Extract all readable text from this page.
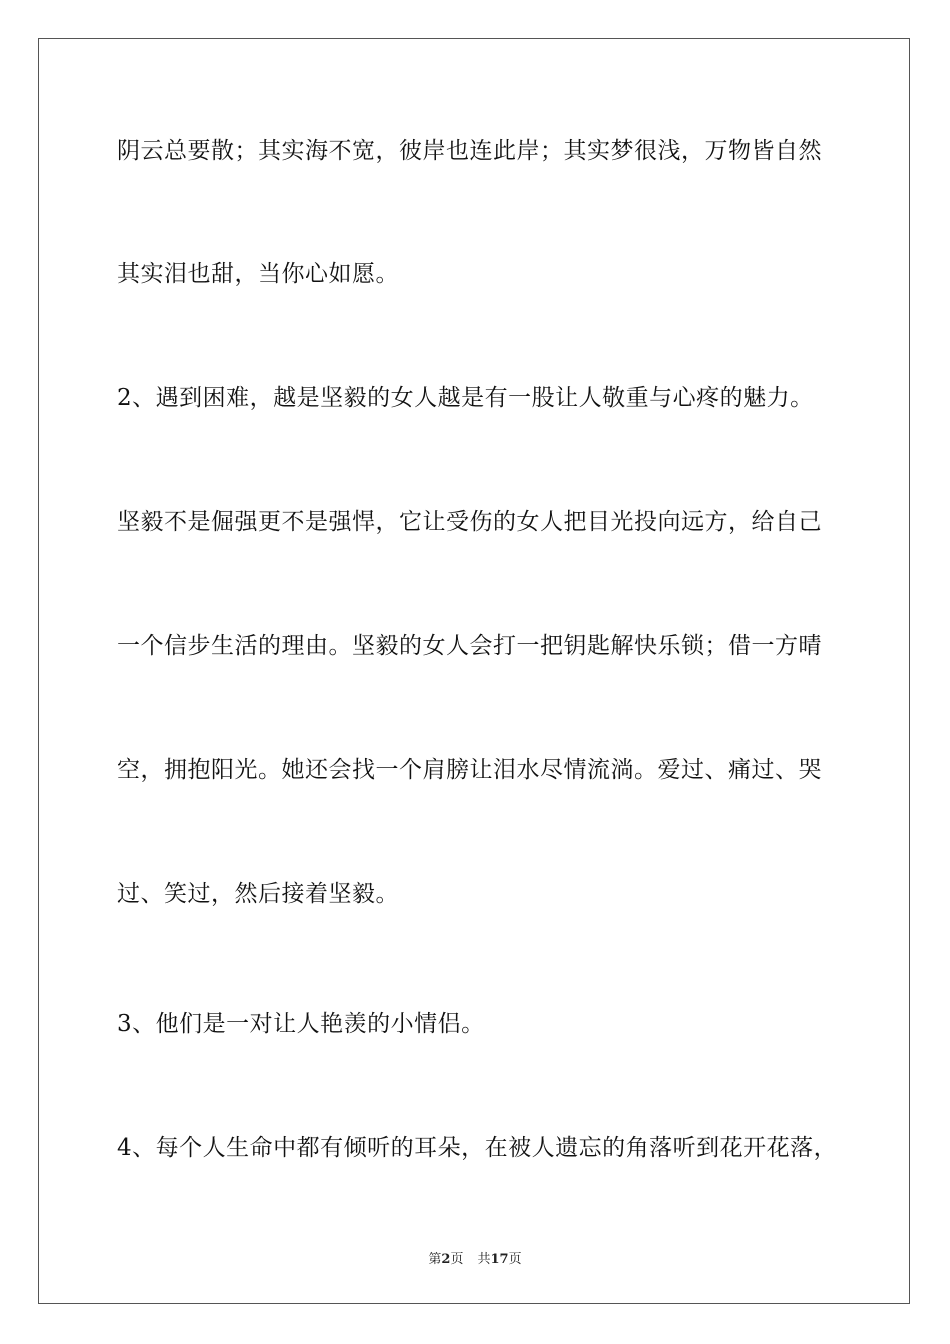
阴云总要散；其实海不宽，彼岸也连此岸；其实梦很浅，万物皆自然
其实泪也甜，当你心如愿。
2、遇到困难，越是坚毅的女人越是有一股让人敬重与心疼的魅力。
坚毅不是倔强更不是强悍，它让受伤的女人把目光投向远方，给自己
一个信步生活的理由。坚毅的女人会打一把钥匙解快乐锁；借一方晴
空，拥抱阳光。她还会找一个肩膀让泪水尽情流淌。爱过、痛过、哭
过、笑过，然后接着坚毅。
3、他们是一对让人艳羡的小情侣。
4、每个人生命中都有倾听的耳朵，在被人遗忘的角落听到花开花落，
第2页 共17页
